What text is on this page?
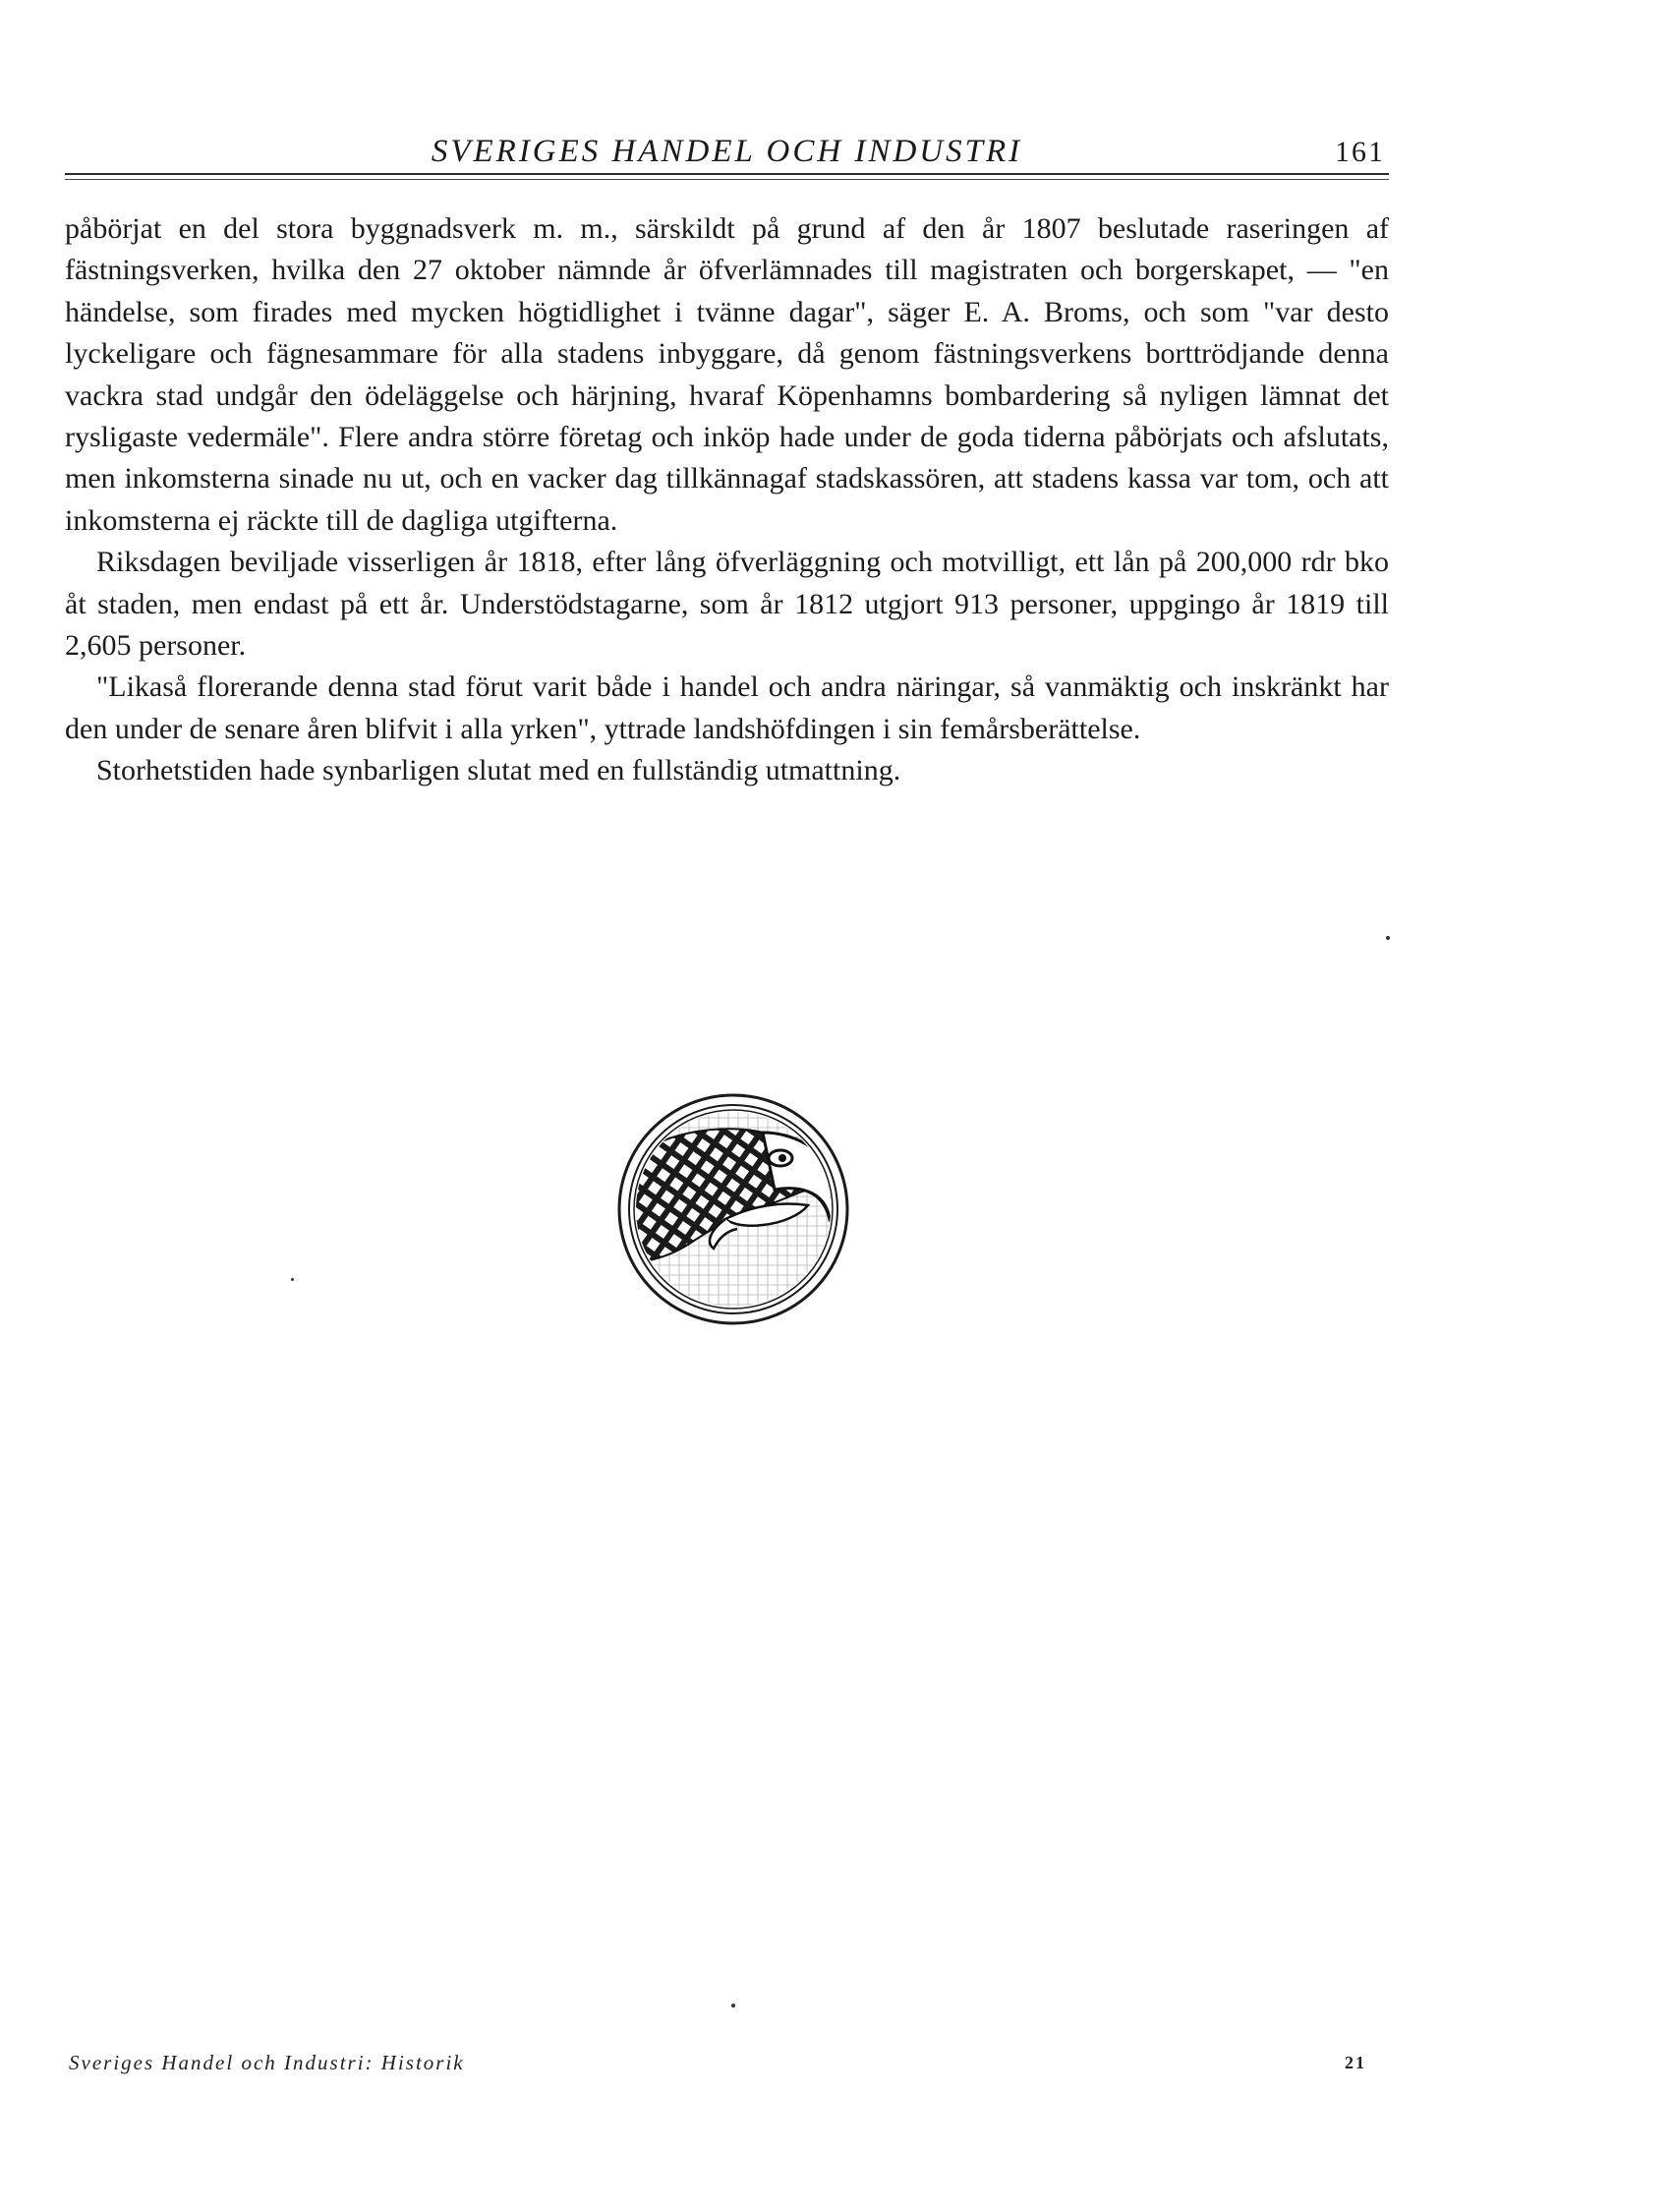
SVERIGES HANDEL OCH INDUSTRI	161

påbörjat en del stora byggnadsverk m. m., särskildt på grund af den år 1807 beslutade raseringen af fästningsverken, hvilka den 27 oktober nämnde år öfverlämnades till magistraten och borgerskapet, — "en händelse, som firades med mycken högtidlighet i tvänne dagar", säger E. A. Broms, och som "var desto lyckeligare och fägnesammare för alla stadens inbyggare, då genom fästningsverkens borttrödjande denna vackra stad undgår den ödeläggelse och härjning, hvaraf Köpenhamns bombardering så nyligen lämnat det rysligaste vedermäle". Flere andra större företag och inköp hade under de goda tiderna påbörjats och afslutats, men inkomsterna sinade nu ut, och en vacker dag tillkännagaf stadskassören, att stadens kassa var tom, och att inkomsterna ej räckte till de dagliga utgifterna.

Riksdagen beviljade visserligen år 1818, efter lång öfverläggning och motvilligt, ett lån på 200,000 rdr bko åt staden, men endast på ett år. Understödstagarne, som år 1812 utgjort 913 personer, uppgingo år 1819 till 2,605 personer.

"Likaså florerande denna stad förut varit både i handel och andra näringar, så vanmäktig och inskränkt har den under de senare åren blifvit i alla yrken", yttrade landshöfdingen i sin femårsberättelse.

Storhetstiden hade synbarligen slutat med en fullständig utmattning.

Sveriges Handel och Industri: Historik	21
